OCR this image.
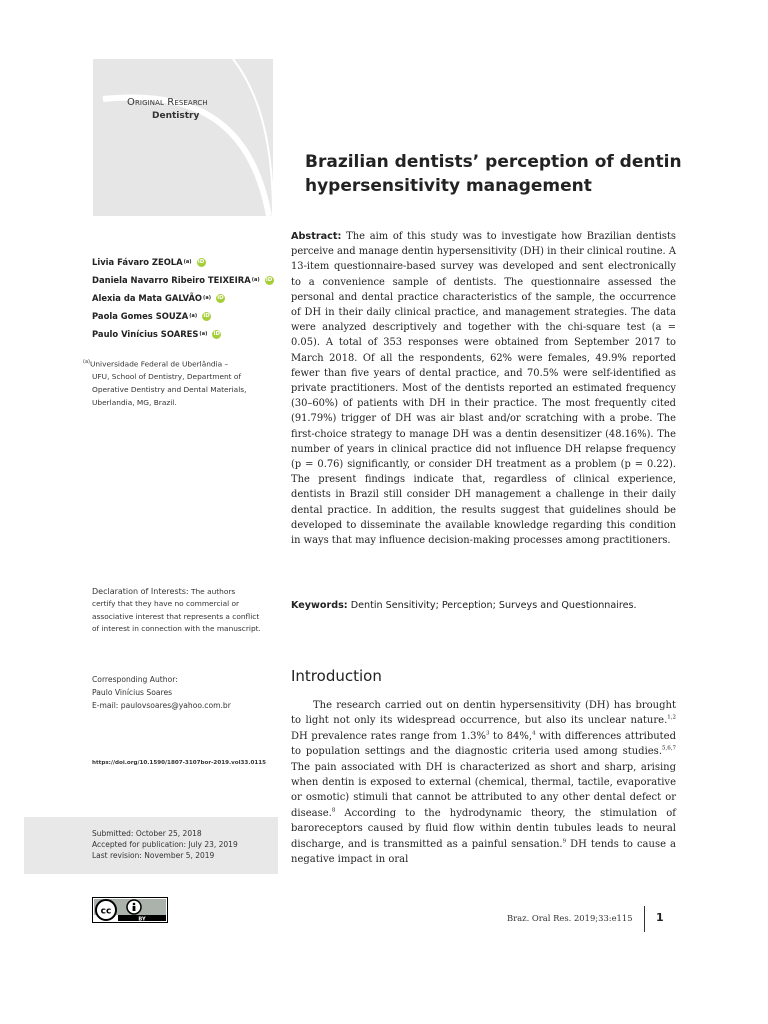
Original Research
Dentistry
Brazilian dentists’ perception of dentin
hypersensitivity management
Livia Fávaro ZEOLA (a) iD
Daniela Navarro Ribeiro TEIXEIRA (a) iD
Alexia da Mata GALVÃO (a) iD
Paola Gomes SOUZA (a) iD
Paulo Vinícius SOARES (a) iD
$^{(a)}$Universidade Federal de Uberlândia –
UFU, School of Dentistry, Department of
Operative Dentistry and Dental Materials,
Uberlandia, MG, Brazil.
Abstract: The aim of this study was to investigate how Brazilian dentists perceive and manage dentin hypersensitivity (DH) in their clinical routine. A 13-item questionnaire-based survey was developed and sent electronically to a convenience sample of dentists. The questionnaire assessed the personal and dental practice characteristics of the sample, the occurrence of DH in their daily clinical practice, and management strategies. The data were analyzed descriptively and together with the chi-square test (a = 0.05). A total of 353 responses were obtained from September 2017 to March 2018. Of all the respondents, 62% were females, 49.9% reported fewer than five years of dental practice, and 70.5% were self-identified as private practitioners. Most of the dentists reported an estimated frequency (30–60%) of patients with DH in their practice. The most frequently cited (91.79%) trigger of DH was air blast and/or scratching with a probe. The first-choice strategy to manage DH was a dentin desensitizer (48.16%). The number of years in clinical practice did not influence DH relapse frequency (p = 0.76) significantly, or consider DH treatment as a problem (p = 0.22). The present findings indicate that, regardless of clinical experience, dentists in Brazil still consider DH management a challenge in their daily dental practice. In addition, the results suggest that guidelines should be developed to disseminate the available knowledge regarding this condition in ways that may influence decision-making processes among practitioners.
Keywords: Dentin Sensitivity; Perception; Surveys and Questionnaires.
Declaration of Interests: The authors
certify that they have no commercial or
associative interest that represents a conflict
of interest in connection with the manuscript.
Introduction
Corresponding Author:
Paulo Vinícius Soares
E-mail: paulovsoares@yahoo.com.br	The research carried out on dentin hypersensitivity (DH) has brought to light not only its widespread occurrence, but also its unclear nature.$^{1,2}$ DH prevalence rates range from 1.3%$^3$ to 84%,$^4$ with differences attributed to population settings and the diagnostic criteria used among studies.$^{5,6,7}$ The pain associated with DH is characterized as short and sharp, arising when dentin is exposed to external (chemical, thermal, tactile, evaporative or osmotic) stimuli that cannot be attributed to any other dental defect or disease.$^8$ According to the hydrodynamic theory, the stimulation of baroreceptors caused by fluid flow within dentin tubules leads to neural discharge, and is transmitted as a painful sensation.$^9$ DH tends to cause a negative impact in oral
https://doi.org/10.1590/1807-3107bor-2019.vol33.0115
Submitted: October 25, 2018
Accepted for publication: July 23, 2019
Last revision: November 5, 2019
cc
BY	Braz. Oral Res. 2019;33:e115 1
